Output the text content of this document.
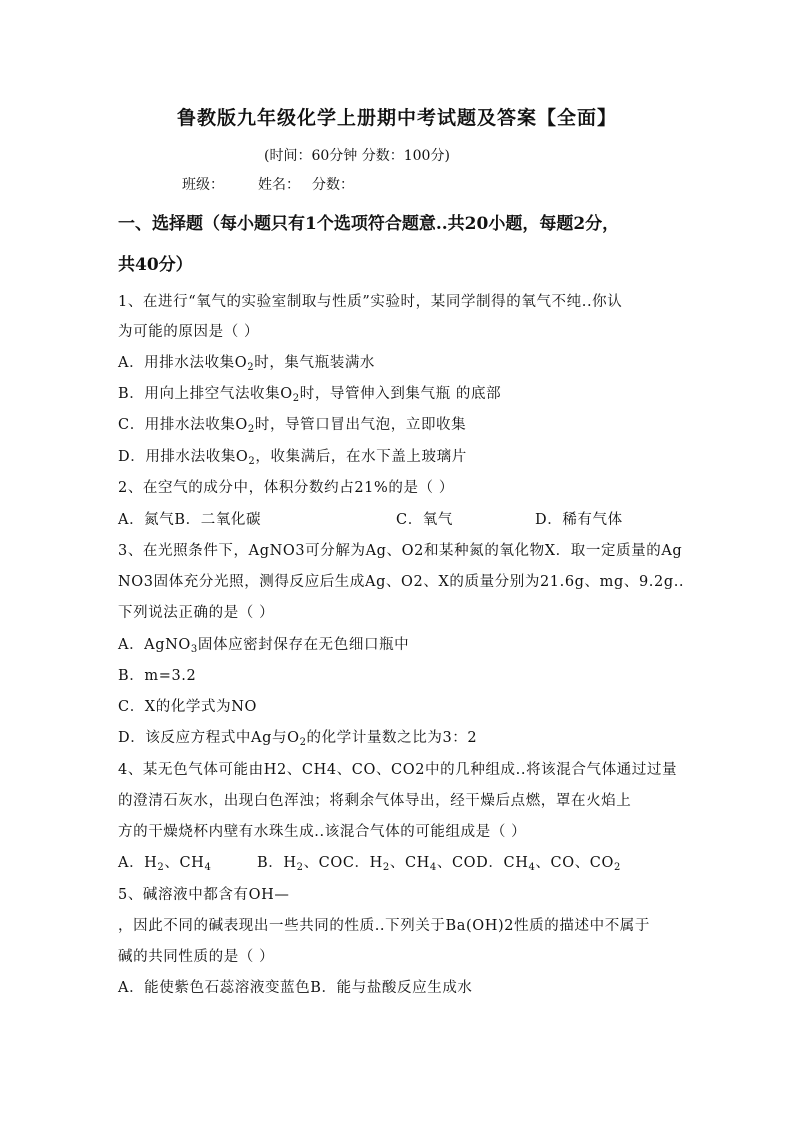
鲁教版九年级化学上册期中考试题及答案【全面】
(时间：60分钟 分数：100分)
班级： 姓名： 分数：
一、选择题（每小题只有1个选项符合题意..共20小题，每题2分，
共40分）
1、在进行“氧气的实验室制取与性质”实验时，某同学制得的氧气不纯..你认
为可能的原因是（ ）
A．用排水法收集$O_2$时，集气瓶装满水
B．用向上排空气法收集$O_2$时，导管伸入到集气瓶 的底部
C．用排水法收集$O_2$时，导管口冒出气泡，立即收集
D．用排水法收集$O_2$，收集满后，在水下盖上玻璃片
2、在空气的成分中，体积分数约占21%的是（ ）
A．氮气B．二氧化碳	C．氧气	D．稀有气体
3、在光照条件下，AgNO3可分解为Ag、O2和某种氮的氧化物X．取一定质量的Ag
NO3固体充分光照，测得反应后生成Ag、O2、X的质量分别为21.6g、mg、9.2g..
下列说法正确的是（ ）
A．AgNO$_3$固体应密封保存在无色细口瓶中
B．m=3.2
C．X的化学式为NO
D．该反应方程式中Ag与$O_2$的化学计量数之比为3：2
4、某无色气体可能由H2、CH4、CO、CO2中的几种组成..将该混合气体通过过量
的澄清石灰水，出现白色浑浊；将剩余气体导出，经干燥后点燃，罩在火焰上
方的干燥烧杯内壁有水珠生成..该混合气体的可能组成是（ ）
A．$H_2$、$CH_4$	B．$H_2$、COC．$H_2$、$CH_4$、COD．$CH_4$、CO、$CO_2$
5、碱溶液中都含有OH—
，因此不同的碱表现出一些共同的性质..下列关于Ba(OH)2性质的描述中不属于
碱的共同性质的是（ ）
A．能使紫色石蕊溶液变蓝色B．能与盐酸反应生成水
